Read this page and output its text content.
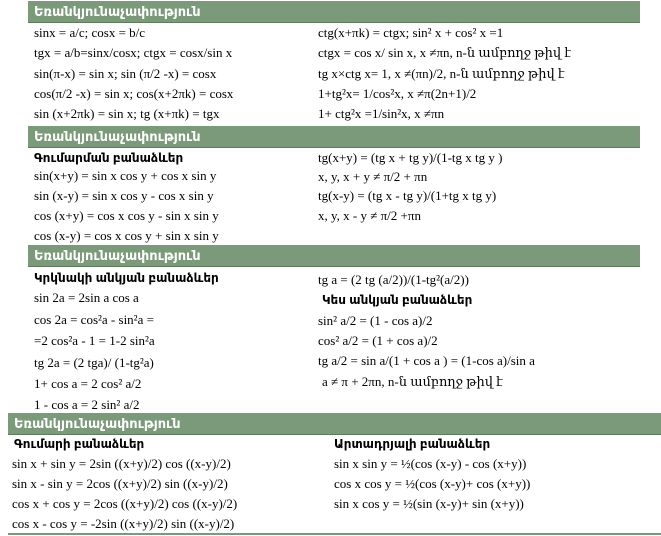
Եռանկյունաչափություն
sinx = a/c; cosx = b/c
tgx = a/b=sinx/cosx; ctgx = cosx/sin x
sin(π-x) = sin x; sin (π/2 -x) = cosx
cos(π/2 -x) = sin x; cos(x+2πk) = cosx
sin (x+2πk) = sin x; tg (x+πk) = tgx
ctg(x+πk) = ctgx; sin² x + cos² x =1
ctgx = cos x/ sin x, x ≠πn, n-ն ամբողջ թիվ է
tg x×ctg x= 1, x ≠(πn)/2, n-ն ամբողջ թիվ է
1+tg²x= 1/cos²x, x ≠π(2n+1)/2
1+ ctg²x =1/sin²x, x ≠πn
Եռանկյունաչափություն
Գումարման բանաձևեր
sin(x+y) = sin x cos y + cos x sin y
sin (x-y) = sin x cos y - cos x sin y
cos (x+y) = cos x cos y - sin x sin y
cos (x-y) = cos x cos y + sin x sin y
tg(x+y) = (tg x + tg y)/(1-tg x tg y )
x, y, x + y ≠ π/2 + πn
tg(x-y) = (tg x - tg y)/(1+tg x tg y)
x, y, x - y ≠ π/2 +πn
Եռանկյունաչափություն
Կրկնակի անկյան բանաձևեր
sin 2a = 2sin a cos a
cos 2a = cos²a - sin²a =
=2 cos²a - 1 = 1-2 sin²a
tg 2a = (2 tga)/ (1-tg²a)
1+ cos a = 2 cos² a/2
1 - cos a = 2 sin² a/2
tg a = (2 tg (a/2))/(1-tg²(a/2))
Կես անկյան բանաձևեր
sin² a/2 = (1 - cos a)/2
cos² a/2 = (1 + cos a)/2
tg a/2 = sin a/(1 + cos a ) = (1-cos a)/sin a
a ≠ π + 2πn, n-ն ամբողջ թիվ է
Եռանկյունաչափություն
Գումարի բանաձևեր
sin x + sin y = 2sin ((x+y)/2) cos ((x-y)/2)
sin x - sin y = 2cos ((x+y)/2) sin ((x-y)/2)
cos x + cos y = 2cos ((x+y)/2) cos ((x-y)/2)
cos x - cos y = -2sin ((x+y)/2) sin ((x-y)/2)
Արտադրյալի բանաձևեր
sin x sin y = ½(cos (x-y) - cos (x+y))
cos x cos y = ½(cos (x-y)+ cos (x+y))
sin x cos y = ½(sin (x-y)+ sin (x+y))
